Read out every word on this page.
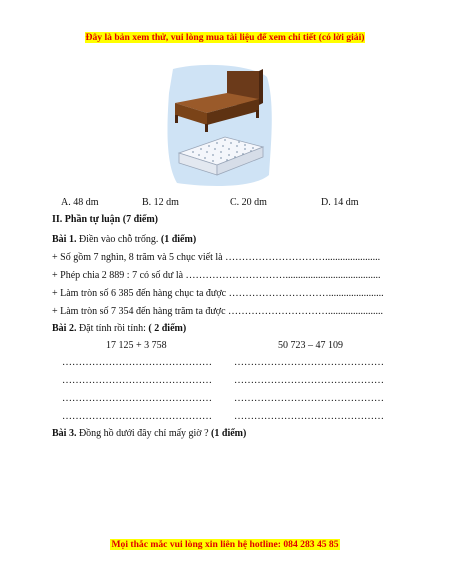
Đây là bản xem thử, vui lòng mua tài liệu để xem chi tiết (có lời giải)
A. 48 dm	B. 12 dm	C. 20 dm	D. 14 dm
II. Phần tự luận (7 điểm)
Bài 1. Điền vào chỗ trống. (1 điểm)
+ Số gồm 7 nghìn, 8 trăm và 5 chục viết là …………………………......................
+ Phép chia 2 889 : 7 có số dư là …………………………......................................
+ Làm tròn số 6 385 đến hàng chục ta được …………………………......................
+ Làm tròn số 7 354 đến hàng trăm ta được …………………………......................
Bài 2. Đặt tính rồi tính: ( 2 điểm)
17 125 + 3 758	50 723 – 47 109
……………………………………… ………………………………………
……………………………………… ………………………………………
……………………………………… ………………………………………
……………………………………… ………………………………………
Bài 3. Đồng hồ dưới đây chỉ mấy giờ ? (1 điểm)
Mọi thắc mắc vui lòng xin liên hệ hotline: 084 283 45 85
